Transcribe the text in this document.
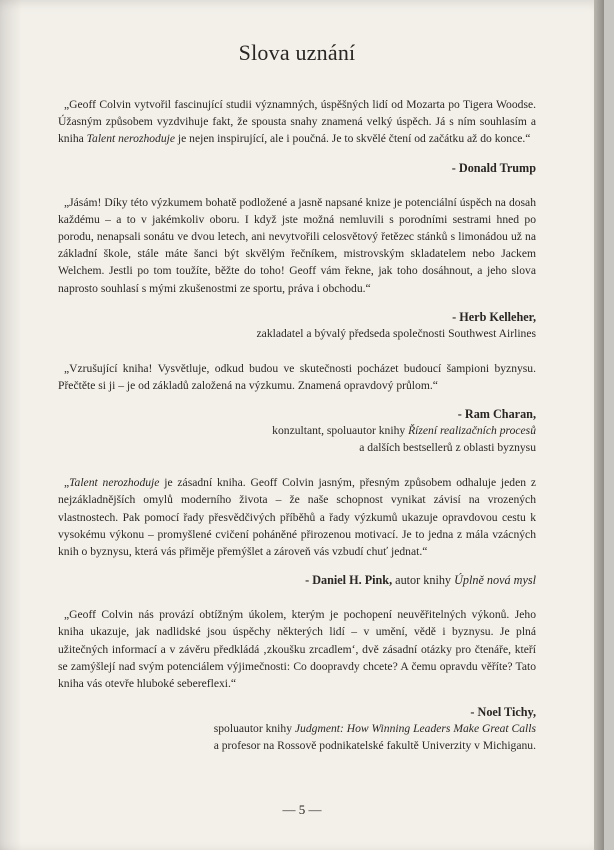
Slova uznání

„Geoff Colvin vytvořil fascinující studii významných, úspěšných lidí od Mozarta po Tigera Woodse. Úžasným způsobem vyzdvihuje fakt, že spousta snahy znamená velký úspěch. Já s ním souhlasím a kniha Talent nerozhoduje je nejen inspirující, ale i poučná. Je to skvělé čtení od začátku až do konce.“

- Donald Trump

„Jásám! Díky této výzkumem bohatě podložené a jasně napsané knize je potenciální úspěch na dosah každému – a to v jakémkoliv oboru. I když jste možná nemluvili s porodními sestrami hned po porodu, nenapsali sonátu ve dvou letech, ani nevytvořili celosvětový řetězec stánků s limonádou už na základní škole, stále máte šanci být skvělým řečníkem, mistrovským skladatelem nebo Jackem Welchem. Jestli po tom toužíte, běžte do toho! Geoff vám řekne, jak toho dosáhnout, a jeho slova naprosto souhlasí s mými zkušenostmi ze sportu, práva i obchodu.“

- Herb Kelleher,

zakladatel a bývalý předseda společnosti Southwest Airlines

„Vzrušující kniha! Vysvětluje, odkud budou ve skutečnosti pocházet budoucí šampioni byznysu. Přečtěte si ji – je od základů založená na výzkumu. Znamená opravdový průlom.“

- Ram Charan,

konzultant, spoluautor knihy Řízení realizačních procesů

a dalších bestsellerů z oblasti byznysu

„Talent nerozhoduje je zásadní kniha. Geoff Colvin jasným, přesným způsobem odhaluje jeden z nejzákladnějších omylů moderního života – že naše schopnost vynikat závisí na vrozených vlastnostech. Pak pomocí řady přesvědčivých příběhů a řady výzkumů ukazuje opravdovou cestu k vysokému výkonu – promyšlené cvičení poháněné přirozenou motivací. Je to jedna z mála vzácných knih o byznysu, která vás přiměje přemýšlet a zároveň vás vzbudí chuť jednat.“

- Daniel H. Pink, autor knihy Úplně nová mysl

„Geoff Colvin nás provází obtížným úkolem, kterým je pochopení neuvěřitelných výkonů. Jeho kniha ukazuje, jak nadlidské jsou úspěchy některých lidí – v umění, vědě i byznysu. Je plná užitečných informací a v závěru předkládá ‚zkoušku zrcadlem‘, dvě zásadní otázky pro čtenáře, kteří se zamýšlejí nad svým potenciálem výjimečnosti: Co doopravdy chcete? A čemu opravdu věříte? Tato kniha vás otevře hluboké sebereflexi.“

- Noel Tichy,

spoluautor knihy Judgment: How Winning Leaders Make Great Calls

a profesor na Rossově podnikatelské fakultě Univerzity v Michiganu.

— 5 —
